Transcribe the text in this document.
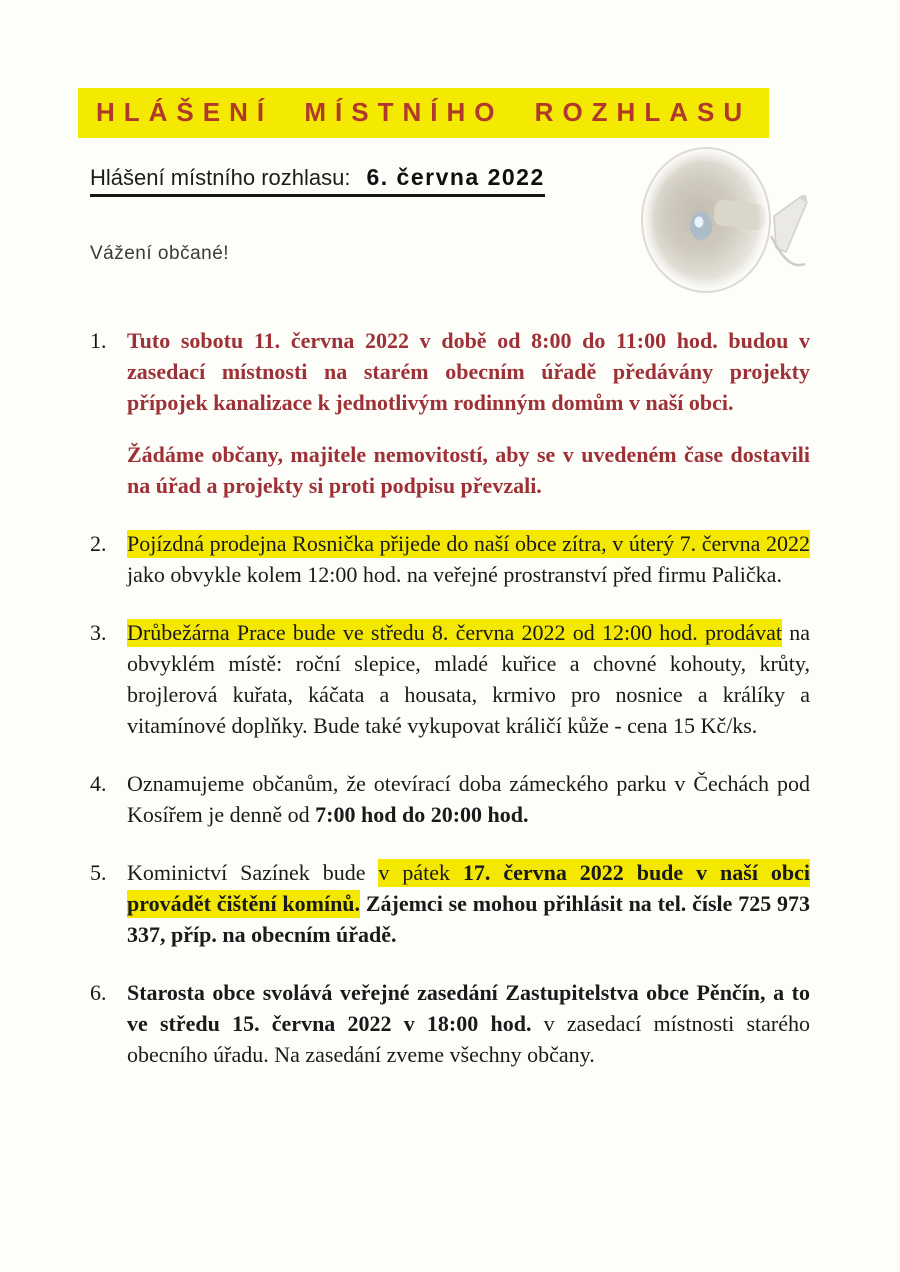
HLÁŠENÍ MÍSTNÍHO ROZHLASU
Hlášení místního rozhlasu: 6. června 2022

Vážení občané!

1. Tuto sobotu 11. června 2022 v době od 8:00 do 11:00 hod. budou v zasedací místnosti na starém obecním úřadě předávány projekty přípojek kanalizace k jednotlivým rodinným domům v naší obci.

Žádáme občany, majitele nemovitostí, aby se v uvedeném čase dostavili na úřad a projekty si proti podpisu převzali.

2. Pojízdná prodejna Rosnička přijede do naší obce zítra, v úterý 7. června 2022 jako obvykle kolem 12:00 hod. na veřejné prostranství před firmu Palička.

3. Drůbežárna Prace bude ve středu 8. června 2022 od 12:00 hod. prodávat na obvyklém místě: roční slepice, mladé kuřice a chovné kohouty, krůty, brojlerová kuřata, káčata a housata, krmivo pro nosnice a králíky a vitamínové doplňky. Bude také vykupovat králičí kůže - cena 15 Kč/ks.

4. Oznamujeme občanům, že otevírací doba zámeckého parku v Čechách pod Kosířem je denně od 7:00 hod do 20:00 hod.

5. Kominictví Sazínek bude v pátek 17. června 2022 bude v naší obci provádět čištění komínů. Zájemci se mohou přihlásit na tel. čísle 725 973 337, příp. na obecním úřadě.

6. Starosta obce svolává veřejné zasedání Zastupitelstva obce Pěnčín, a to ve středu 15. června 2022 v 18:00 hod. v zasedací místnosti starého obecního úřadu. Na zasedání zveme všechny občany.
